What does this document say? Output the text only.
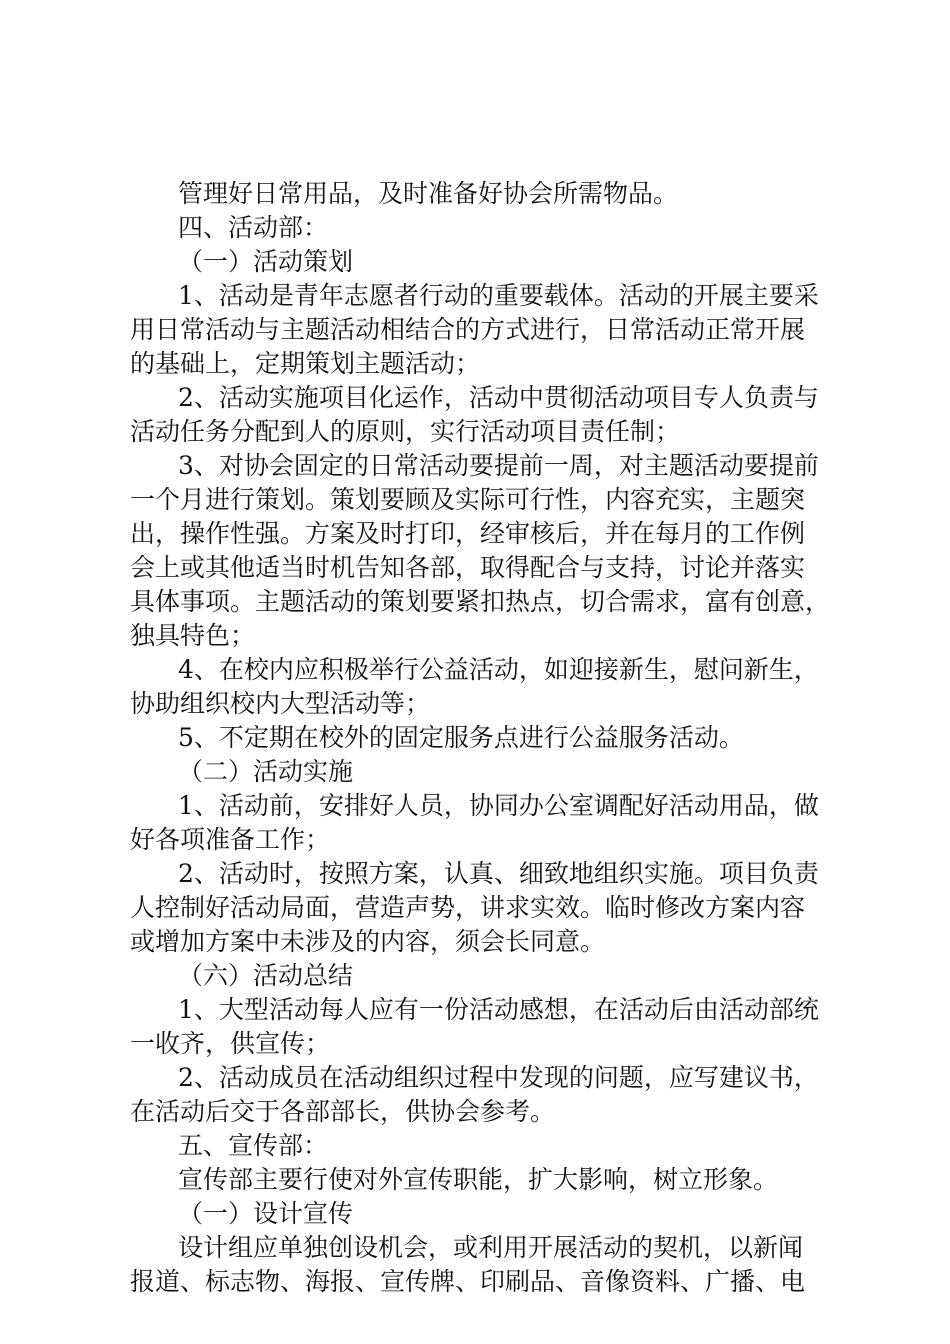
管理好日常用品，及时准备好协会所需物品。
四、活动部：
（一）活动策划
1、活动是青年志愿者行动的重要载体。活动的开展主要采
用日常活动与主题活动相结合的方式进行，日常活动正常开展
的基础上，定期策划主题活动；
2、活动实施项目化运作，活动中贯彻活动项目专人负责与
活动任务分配到人的原则，实行活动项目责任制；
3、对协会固定的日常活动要提前一周，对主题活动要提前
一个月进行策划。策划要顾及实际可行性，内容充实，主题突
出，操作性强。方案及时打印，经审核后，并在每月的工作例
会上或其他适当时机告知各部，取得配合与支持，讨论并落实
具体事项。主题活动的策划要紧扣热点，切合需求，富有创意，
独具特色；
4、在校内应积极举行公益活动，如迎接新生，慰问新生，
协助组织校内大型活动等；
5、不定期在校外的固定服务点进行公益服务活动。
（二）活动实施
1、活动前，安排好人员，协同办公室调配好活动用品，做
好各项准备工作；
2、活动时，按照方案，认真、细致地组织实施。项目负责
人控制好活动局面，营造声势，讲求实效。临时修改方案内容
或增加方案中未涉及的内容，须会长同意。
（六）活动总结
1、大型活动每人应有一份活动感想，在活动后由活动部统
一收齐，供宣传；
2、活动成员在活动组织过程中发现的问题，应写建议书，
在活动后交于各部部长，供协会参考。
五、宣传部：
宣传部主要行使对外宣传职能，扩大影响，树立形象。
（一）设计宣传
设计组应单独创设机会，或利用开展活动的契机，以新闻
报道、标志物、海报、宣传牌、印刷品、音像资料、广播、电
